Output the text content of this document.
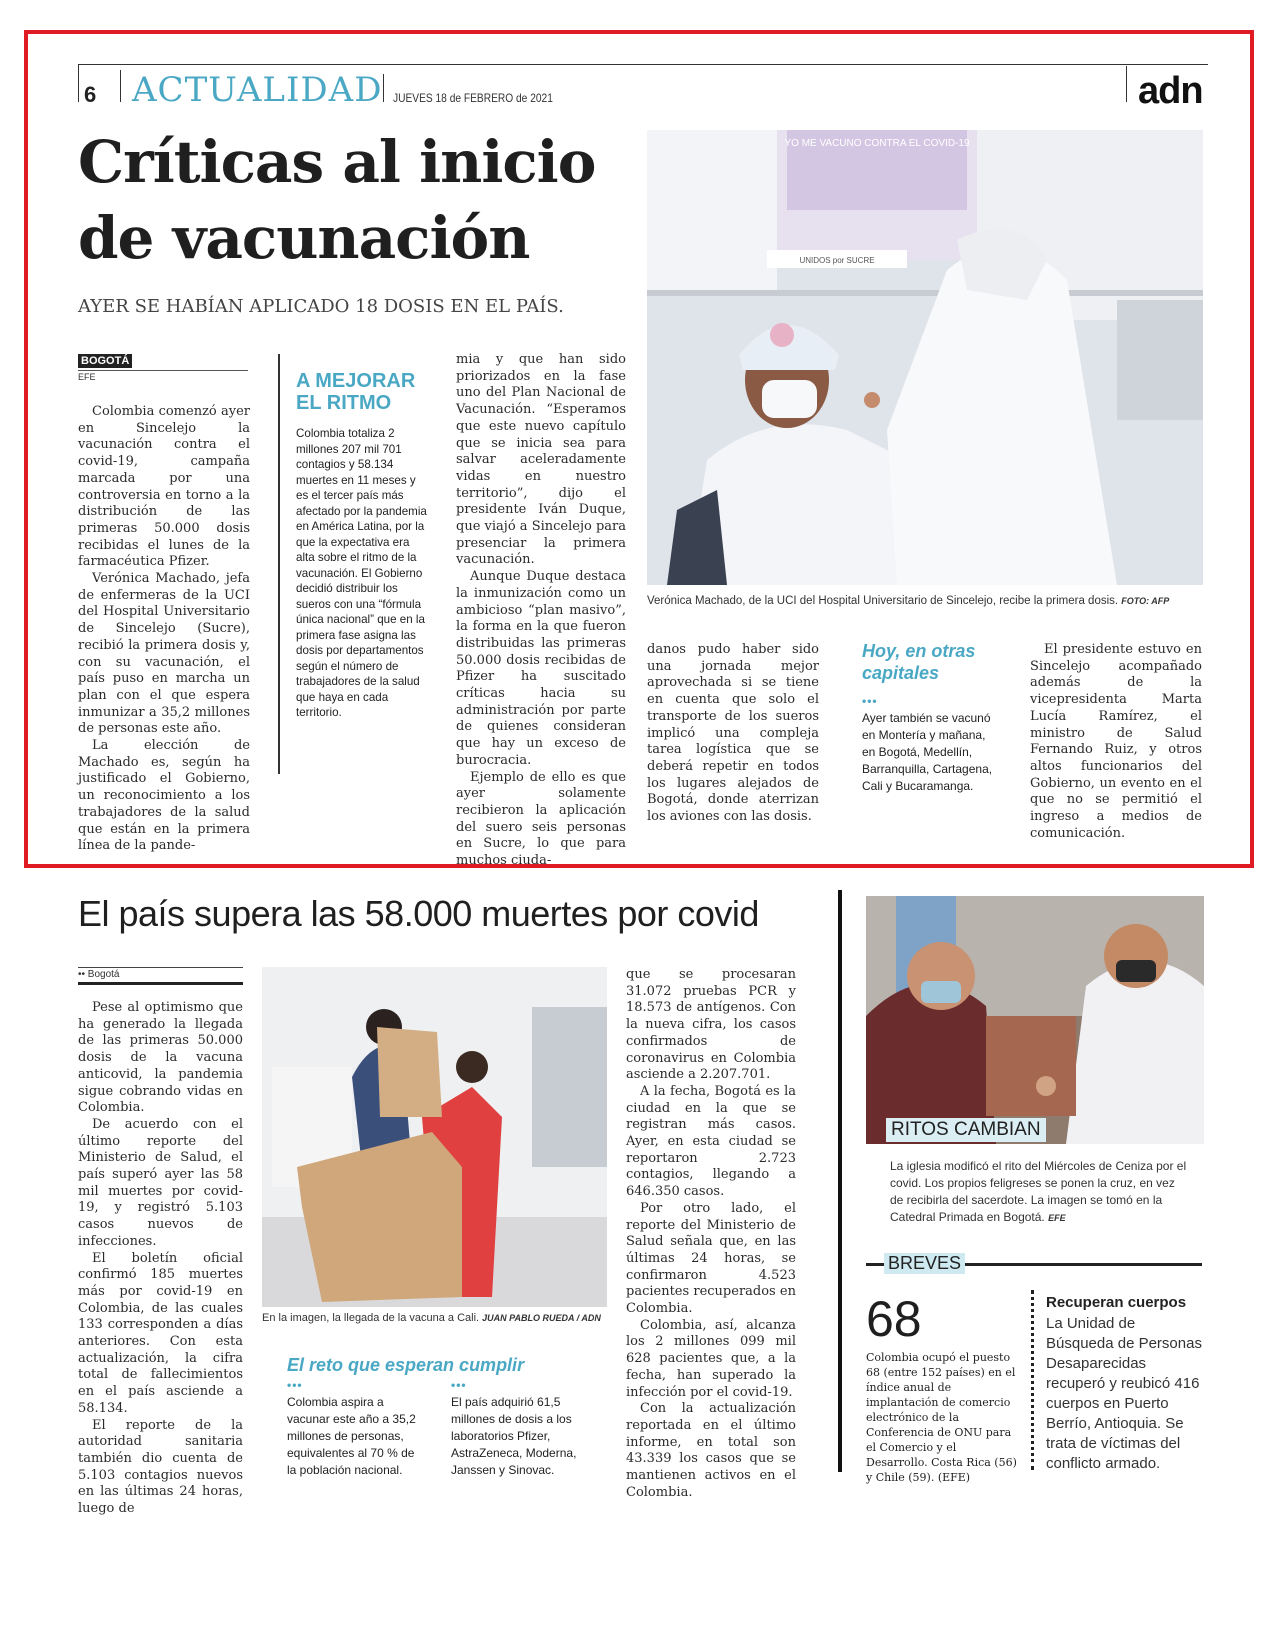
6 ACTUALIDAD JUEVES 18 de FEBRERO de 2021	adn
Críticas al inicio de vacunación
AYER SE HABÍAN APLICADO 18 DOSIS EN EL PAÍS.
BOGOTÁ
EFE

Colombia comenzó ayer en Sincelejo la vacunación contra el covid-19, campaña marcada por una controversia en torno a la distribución de las primeras 50.000 dosis recibidas el lunes de la farmacéutica Pfizer.

Verónica Machado, jefa de enfermeras de la UCI del Hospital Universitario de Sincelejo (Sucre), recibió la primera dosis y, con su vacunación, el país puso en marcha un plan con el que espera inmunizar a 35,2 millones de personas este año.

La elección de Machado es, según ha justificado el Gobierno, un reconocimiento a los trabajadores de la salud que están en la primera línea de la pande-

A MEJORAR EL RITMO
Colombia totaliza 2 millones 207 mil 701 contagios y 58.134 muertes en 11 meses y es el tercer país más afectado por la pandemia en América Latina, por la que la expectativa era alta sobre el ritmo de la vacunación. El Gobierno decidió distribuir los sueros con una “fórmula única nacional” que en la primera fase asigna las dosis por departamentos según el número de trabajadores de la salud que haya en cada territorio.

mia y que han sido priorizados en la fase uno del Plan Nacional de Vacunación. “Esperamos que este nuevo capítulo que se inicia sea para salvar aceleradamente vidas en nuestro territorio”, dijo el presidente Iván Duque, que viajó a Sincelejo para presenciar la primera vacunación.

Aunque Duque destaca la inmunización como un ambicioso “plan masivo”, la forma en la que fueron distribuidas las primeras 50.000 dosis recibidas de Pfizer ha suscitado críticas hacia su administración por parte de quienes consideran que hay un exceso de burocracia.

Ejemplo de ello es que ayer solamente recibieron la aplicación del suero seis personas en Sucre, lo que para muchos ciuda-

YO ME VACUNO CONTRA EL COVID-19
UNIDOS por SUCRE
Verónica Machado, de la UCI del Hospital Universitario de Sincelejo, recibe la primera dosis. FOTO: AFP

danos pudo haber sido una jornada mejor aprovechada si se tiene en cuenta que solo el transporte de los sueros implicó una compleja tarea logística que se deberá repetir en todos los lugares alejados de Bogotá, donde aterrizan los aviones con las dosis.

Hoy, en otras capitales
•••
Ayer también se vacunó en Montería y mañana, en Bogotá, Medellín, Barranquilla, Cartagena, Cali y Bucaramanga.

El presidente estuvo en Sincelejo acompañado además de la vicepresidenta Marta Lucía Ramírez, el ministro de Salud Fernando Ruiz, y otros altos funcionarios del Gobierno, un evento en el que no se permitió el ingreso a medios de comunicación.

El país supera las 58.000 muertes por covid
•• Bogotá

Pese al optimismo que ha generado la llegada de las primeras 50.000 dosis de la vacuna anticovid, la pandemia sigue cobrando vidas en Colombia.

De acuerdo con el último reporte del Ministerio de Salud, el país superó ayer las 58 mil muertes por covid-19, y registró 5.103 casos nuevos de infecciones.

El boletín oficial confirmó 185 muertes más por covid-19 en Colombia, de las cuales 133 corresponden a días anteriores. Con esta actualización, la cifra total de fallecimientos en el país asciende a 58.134.

El reporte de la autoridad sanitaria también dio cuenta de 5.103 contagios nuevos en las últimas 24 horas, luego de

En la imagen, la llegada de la vacuna a Cali. JUAN PABLO RUEDA / ADN
El reto que esperan cumplir
•••
Colombia aspira a vacunar este año a 35,2 millones de personas, equivalentes al 70 % de la población nacional.
•••
El país adquirió 61,5 millones de dosis a los laboratorios Pfizer, AstraZeneca, Moderna, Janssen y Sinovac.

que se procesaran 31.072 pruebas PCR y 18.573 de antígenos. Con la nueva cifra, los casos confirmados de coronavirus en Colombia asciende a 2.207.701.

A la fecha, Bogotá es la ciudad en la que se registran más casos. Ayer, en esta ciudad se reportaron 2.723 contagios, llegando a 646.350 casos.

Por otro lado, el reporte del Ministerio de Salud señala que, en las últimas 24 horas, se confirmaron 4.523 pacientes recuperados en Colombia.

Colombia, así, alcanza los 2 millones 099 mil 628 pacientes que, a la fecha, han superado la infección por el covid-19.

Con la actualización reportada en el último informe, en total son 43.339 los casos que se mantienen activos en el Colombia.

RITOS CAMBIAN
La iglesia modificó el rito del Miércoles de Ceniza por el covid. Los propios feligreses se ponen la cruz, en vez de recibirla del sacerdote. La imagen se tomó en la Catedral Primada en Bogotá. EFE
BREVES
68
Colombia ocupó el puesto 68 (entre 152 países) en el índice anual de implantación de comercio electrónico de la Conferencia de ONU para el Comercio y el Desarrollo. Costa Rica (56) y Chile (59). (EFE)
Recuperan cuerpos
La Unidad de Búsqueda de Personas Desaparecidas recuperó y reubicó 416 cuerpos en Puerto Berrío, Antioquia. Se trata de víctimas del conflicto armado.
